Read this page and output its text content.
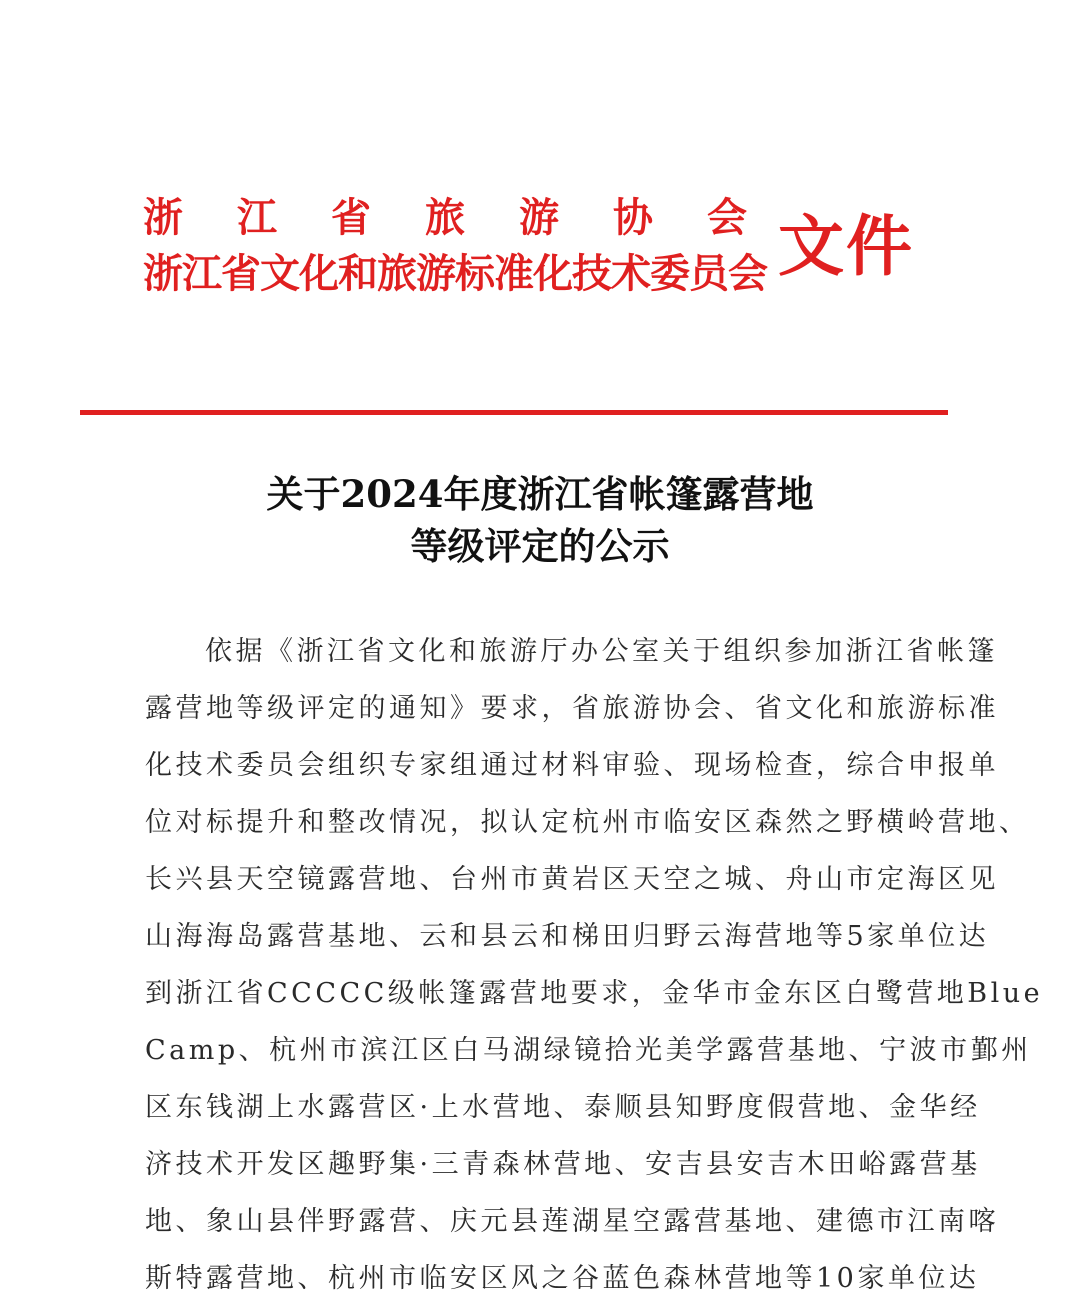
浙江省旅游协会
浙江省文化和旅游标准化技术委员会 文件
关于2024年度浙江省帐篷露营地
等级评定的公示
依据《浙江省文化和旅游厅办公室关于组织参加浙江省帐篷
露营地等级评定的通知》要求，省旅游协会、省文化和旅游标准
化技术委员会组织专家组通过材料审验、现场检查，综合申报单
位对标提升和整改情况，拟认定杭州市临安区森然之野横岭营地、
长兴县天空镜露营地、台州市黄岩区天空之城、舟山市定海区见
山海海岛露营基地、云和县云和梯田归野云海营地等5家单位达
到浙江省CCCCC级帐篷露营地要求，金华市金东区白鹭营地Blue
Camp、杭州市滨江区白马湖绿镜拾光美学露营基地、宁波市鄞州
区东钱湖上水露营区·上水营地、泰顺县知野度假营地、金华经
济技术开发区趣野集·三青森林营地、安吉县安吉木田峪露营基
地、象山县伴野露营、庆元县莲湖星空露营基地、建德市江南喀
斯特露营地、杭州市临安区风之谷蓝色森林营地等10家单位达
